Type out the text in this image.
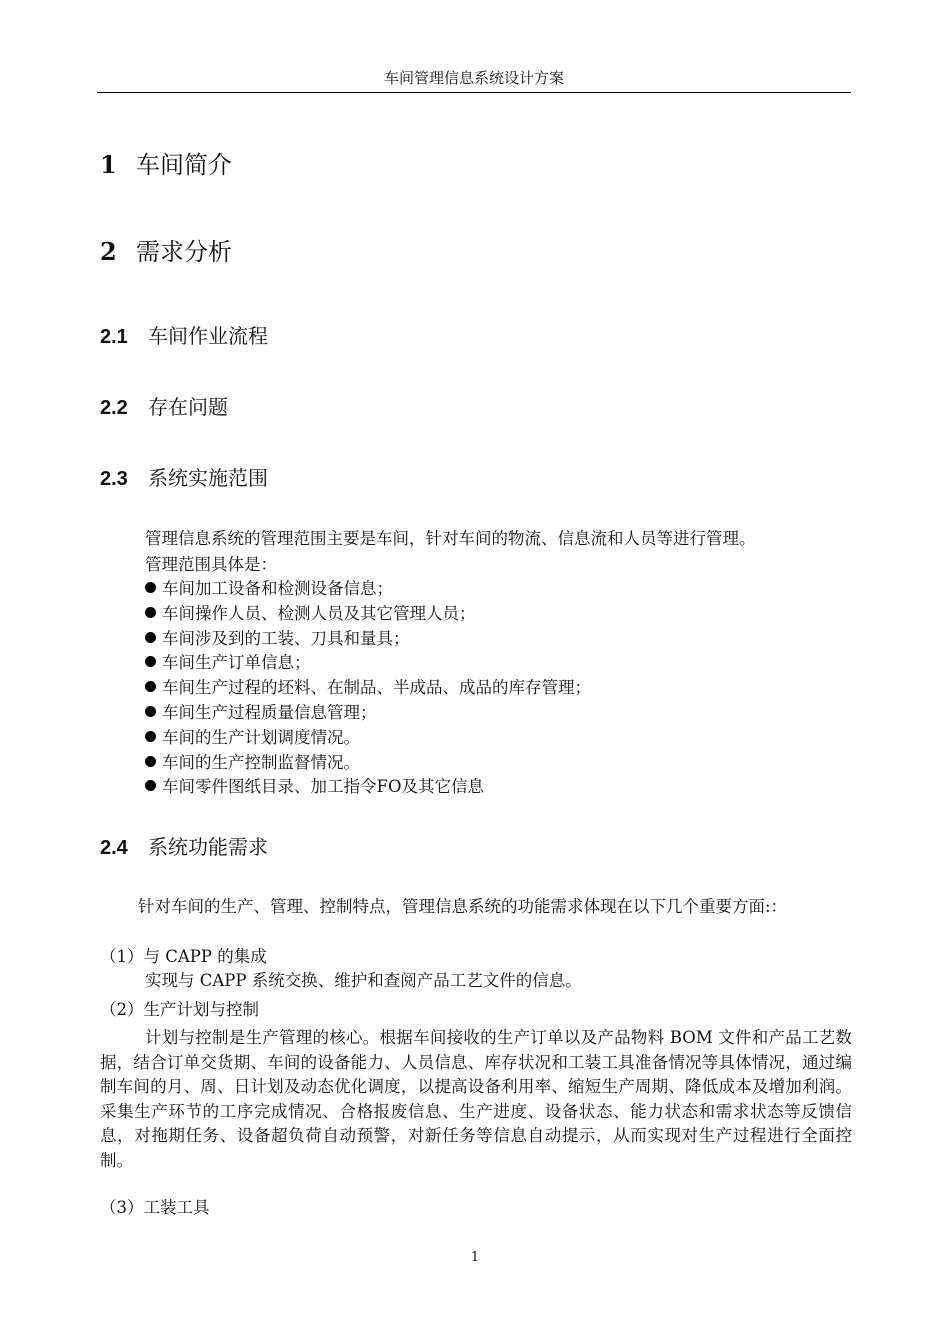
车间管理信息系统设计方案
1 车间简介
2 需求分析
2.1 车间作业流程
2.2 存在问题
2.3 系统实施范围
管理信息系统的管理范围主要是车间，针对车间的物流、信息流和人员等进行管理。
管理范围具体是：
车间加工设备和检测设备信息；
车间操作人员、检测人员及其它管理人员；
车间涉及到的工装、刀具和量具；
车间生产订单信息；
车间生产过程的坯料、在制品、半成品、成品的库存管理；
车间生产过程质量信息管理；
车间的生产计划调度情况。
车间的生产控制监督情况。
车间零件图纸目录、加工指令FO及其它信息
2.4 系统功能需求
针对车间的生产、管理、控制特点，管理信息系统的功能需求体现在以下几个重要方面:：
（1）与 CAPP 的集成
实现与 CAPP 系统交换、维护和查阅产品工艺文件的信息。
（2）生产计划与控制
计划与控制是生产管理的核心。根据车间接收的生产订单以及产品物料 BOM 文件和产品工艺数据，结合订单交货期、车间的设备能力、人员信息、库存状况和工装工具准备情况等具体情况，通过编制车间的月、周、日计划及动态优化调度，以提高设备利用率、缩短生产周期、降低成本及增加利润。采集生产环节的工序完成情况、合格报废信息、生产进度、设备状态、能力状态和需求状态等反馈信息，对拖期任务、设备超负荷自动预警，对新任务等信息自动提示，从而实现对生产过程进行全面控制。
（3）工装工具
1
